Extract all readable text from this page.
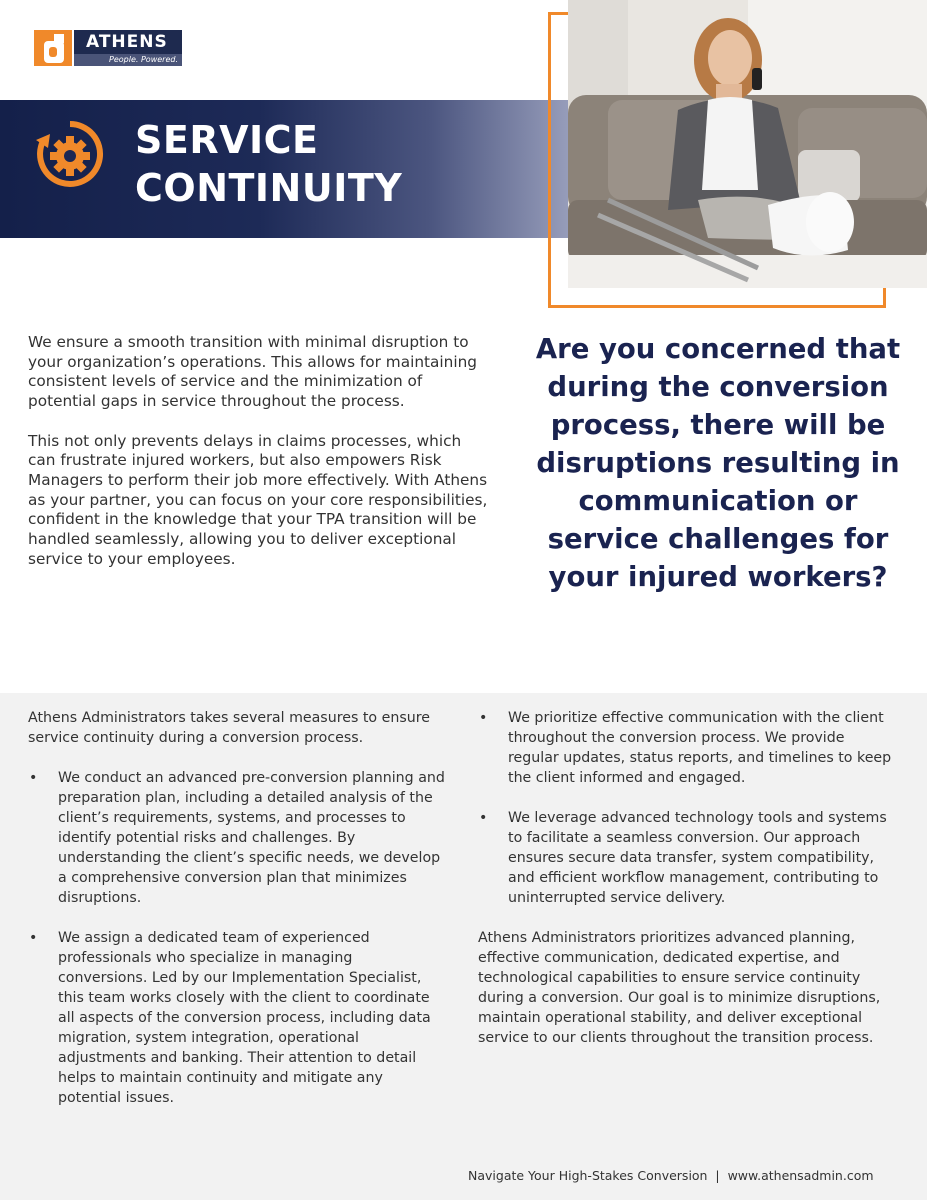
ATHENS
People. Powered.
SERVICE
CONTINUITY

We ensure a smooth transition with minimal disruption to your organization’s operations. This allows for maintaining consistent levels of service and the minimization of potential gaps in service throughout the process.

This not only prevents delays in claims processes, which can frustrate injured workers, but also empowers Risk Managers to perform their job more effectively. With Athens as your partner, you can focus on your core responsibilities, confident in the knowledge that your TPA transition will be handled seamlessly, allowing you to deliver exceptional service to your employees.

Are you concerned that during the conversion process, there will be disruptions resulting in communication or service challenges for your injured workers?

Athens Administrators takes several measures to ensure service continuity during a conversion process.

• We conduct an advanced pre-conversion planning and preparation plan, including a detailed analysis of the client’s requirements, systems, and processes to identify potential risks and challenges. By understanding the client’s specific needs, we develop a comprehensive conversion plan that minimizes disruptions.
• We assign a dedicated team of experienced professionals who specialize in managing conversions. Led by our Implementation Specialist, this team works closely with the client to coordinate all aspects of the conversion process, including data migration, system integration, operational adjustments and banking. Their attention to detail helps to maintain continuity and mitigate any potential issues.
• We prioritize effective communication with the client throughout the conversion process. We provide regular updates, status reports, and timelines to keep the client informed and engaged.
• We leverage advanced technology tools and systems to facilitate a seamless conversion. Our approach ensures secure data transfer, system compatibility, and efficient workflow management, contributing to uninterrupted service delivery.

Athens Administrators prioritizes advanced planning, effective communication, dedicated expertise, and technological capabilities to ensure service continuity during a conversion. Our goal is to minimize disruptions, maintain operational stability, and deliver exceptional service to our clients throughout the transition process.

Navigate Your High-Stakes Conversion  |  www.athensadmin.com
